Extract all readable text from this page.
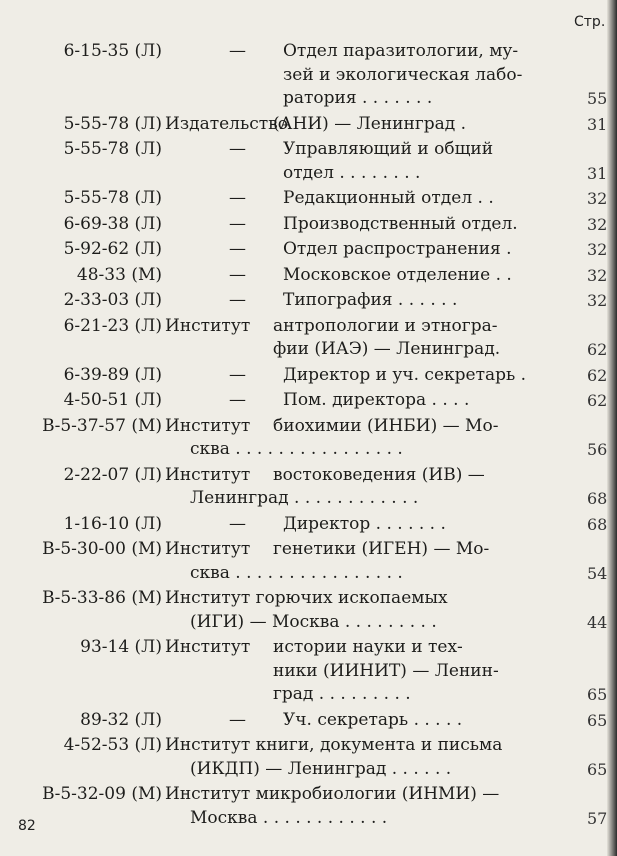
Стр.
6-15-35 (Л)	—	Отдел паразитологии, му-
зей и экологическая лабо-
ратория . . . . . . .	55
5-55-78 (Л) Издательство
(АНИ) — Ленинград .	31
5-55-78 (Л)	—	Управляющий и общий
отдел . . . . . . . .	31
5-55-78 (Л)	—	Редакционный отдел . .	32
6-69-38 (Л)	—	Производственный отдел.	32
5-92-62 (Л)	—	Отдел распространения .	32
48-33 (М)	—	Московское отделение . .	32
2-33-03 (Л)	—	Типография . . . . . .	32
6-21-23 (Л) Институт антропологии и этногра-
фии (ИАЭ) — Ленинград.	62
6-39-89 (Л)	—	Директор и уч. секретарь .	62
4-50-51 (Л)	—	Пом. директора . . . .	62
В-5-37-57 (М) Институт биохимии (ИНБИ) — Мо-
сква . . . . . . . . . . . . . . . .	56
2-22-07 (Л) Институт востоковедения (ИВ) —
Ленинград . . . . . . . . . . . .	68
1-16-10 (Л)	—	Директор . . . . . . .	68
В-5-30-00 (М) Институт генетики (ИГЕН) — Мо-
сква . . . . . . . . . . . . . . . .	54
В-5-33-86 (М) Институт горючих ископаемых
(ИГИ) — Москва . . . . . . . . .	44
93-14 (Л) Институт истории науки и тех-
ники (ИИНИТ) — Ленин-
град . . . . . . . . .	65
89-32 (Л)	—	Уч. секретарь . . . . .	65
4-52-53 (Л) Институт книги, документа и письма
(ИКДП) — Ленинград . . . . . .	65
В-5-32-09 (М) Институт микробиологии (ИНМИ) —
Москва . . . . . . . . . . . .	57
82
